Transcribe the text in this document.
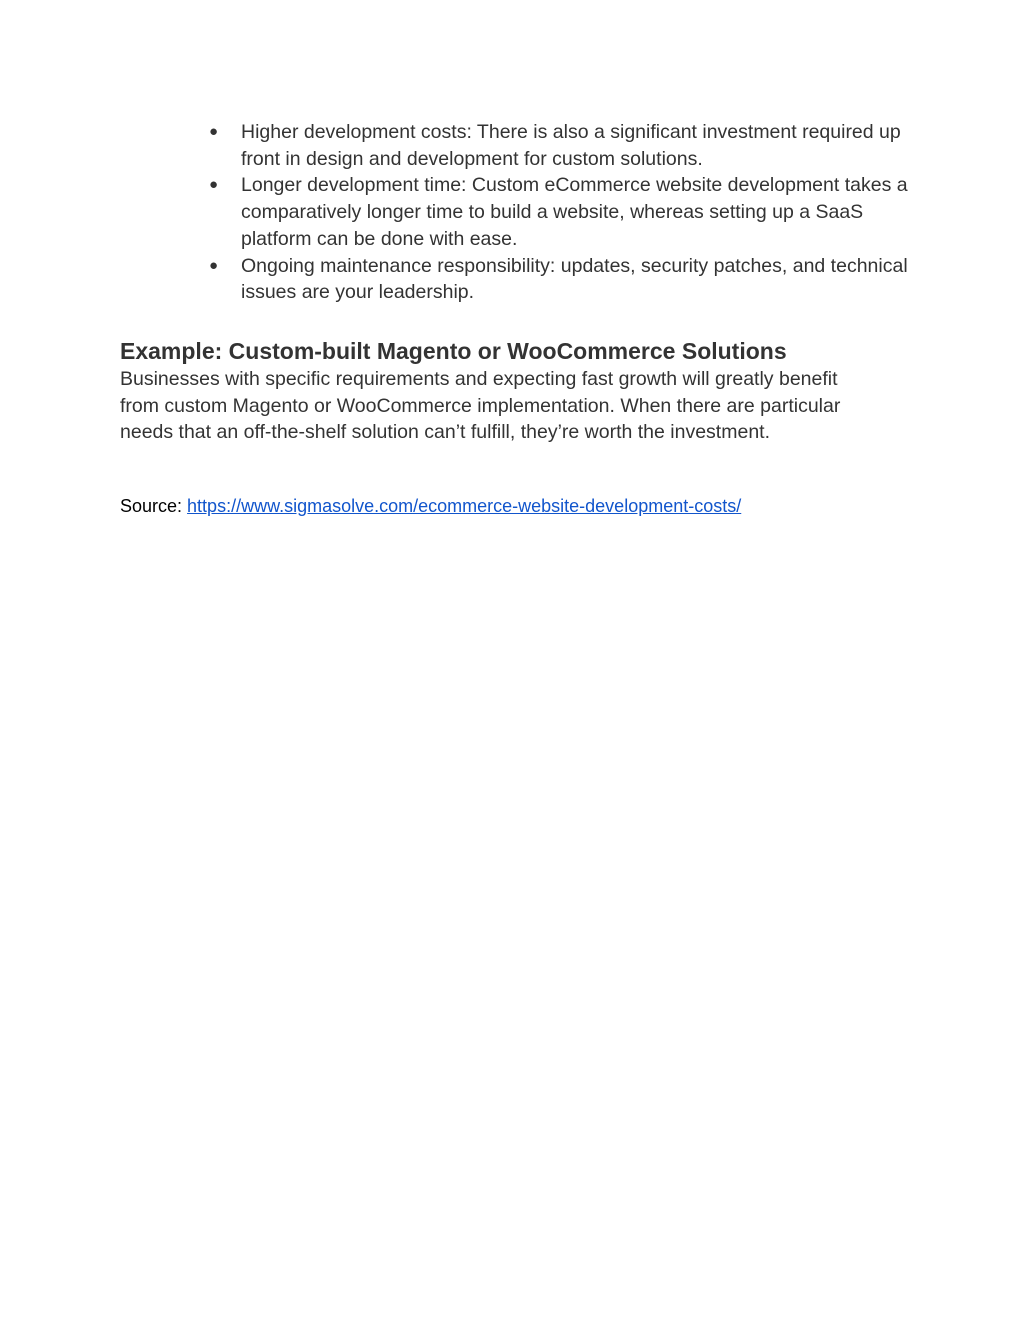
●	Higher development costs: There is also a significant investment required up front in design and development for custom solutions.
●	Longer development time: Custom eCommerce website development takes a comparatively longer time to build a website, whereas setting up a SaaS platform can be done with ease.
●	Ongoing maintenance responsibility: updates, security patches, and technical issues are your leadership.
Example: Custom-built Magento or WooCommerce Solutions

Businesses with specific requirements and expecting fast growth will greatly benefit from custom Magento or WooCommerce implementation. When there are particular needs that an off-the-shelf solution can’t fulfill, they’re worth the investment.

Source: https://www.sigmasolve.com/ecommerce-website-development-costs/
